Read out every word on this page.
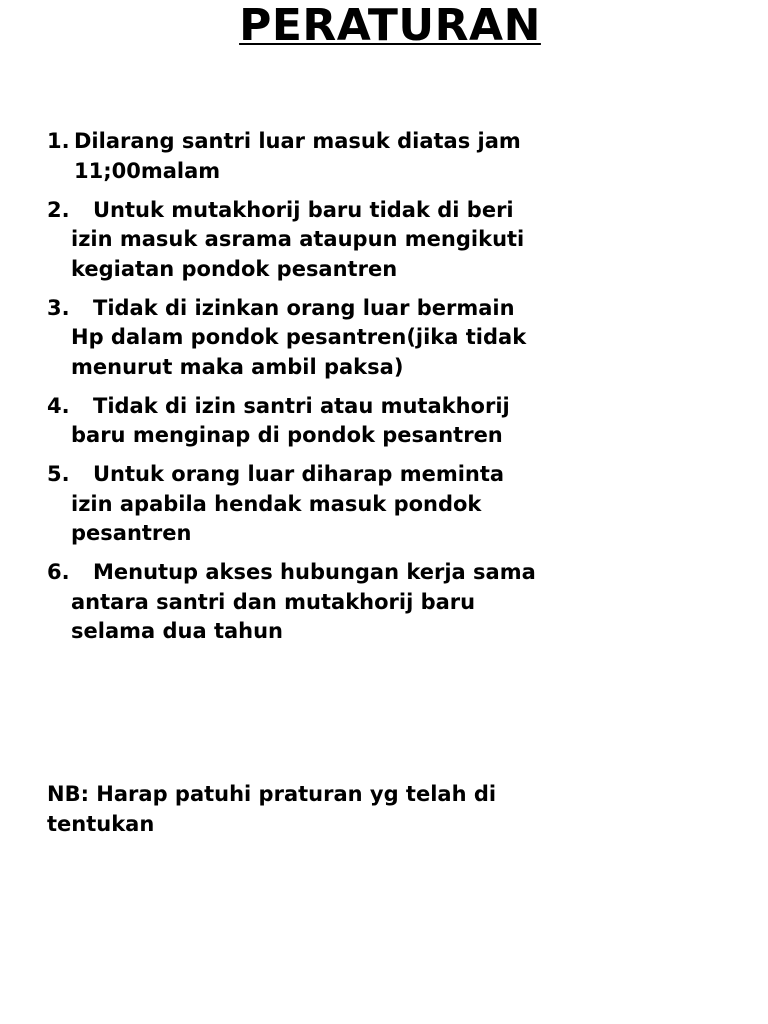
PERATURAN
1. Dilarang santri luar masuk diatas jam 11;00malam
2. Untuk mutakhorij baru tidak di beri izin masuk asrama ataupun mengikuti kegiatan pondok pesantren
3. Tidak di izinkan orang luar bermain Hp dalam pondok pesantren(jika tidak menurut maka ambil paksa)
4. Tidak di izin santri atau mutakhorij baru menginap di pondok pesantren
5. Untuk orang luar diharap meminta izin apabila hendak masuk pondok pesantren
6. Menutup akses hubungan kerja sama antara santri dan mutakhorij baru selama dua tahun

NB: Harap patuhi praturan yg telah di tentukan
